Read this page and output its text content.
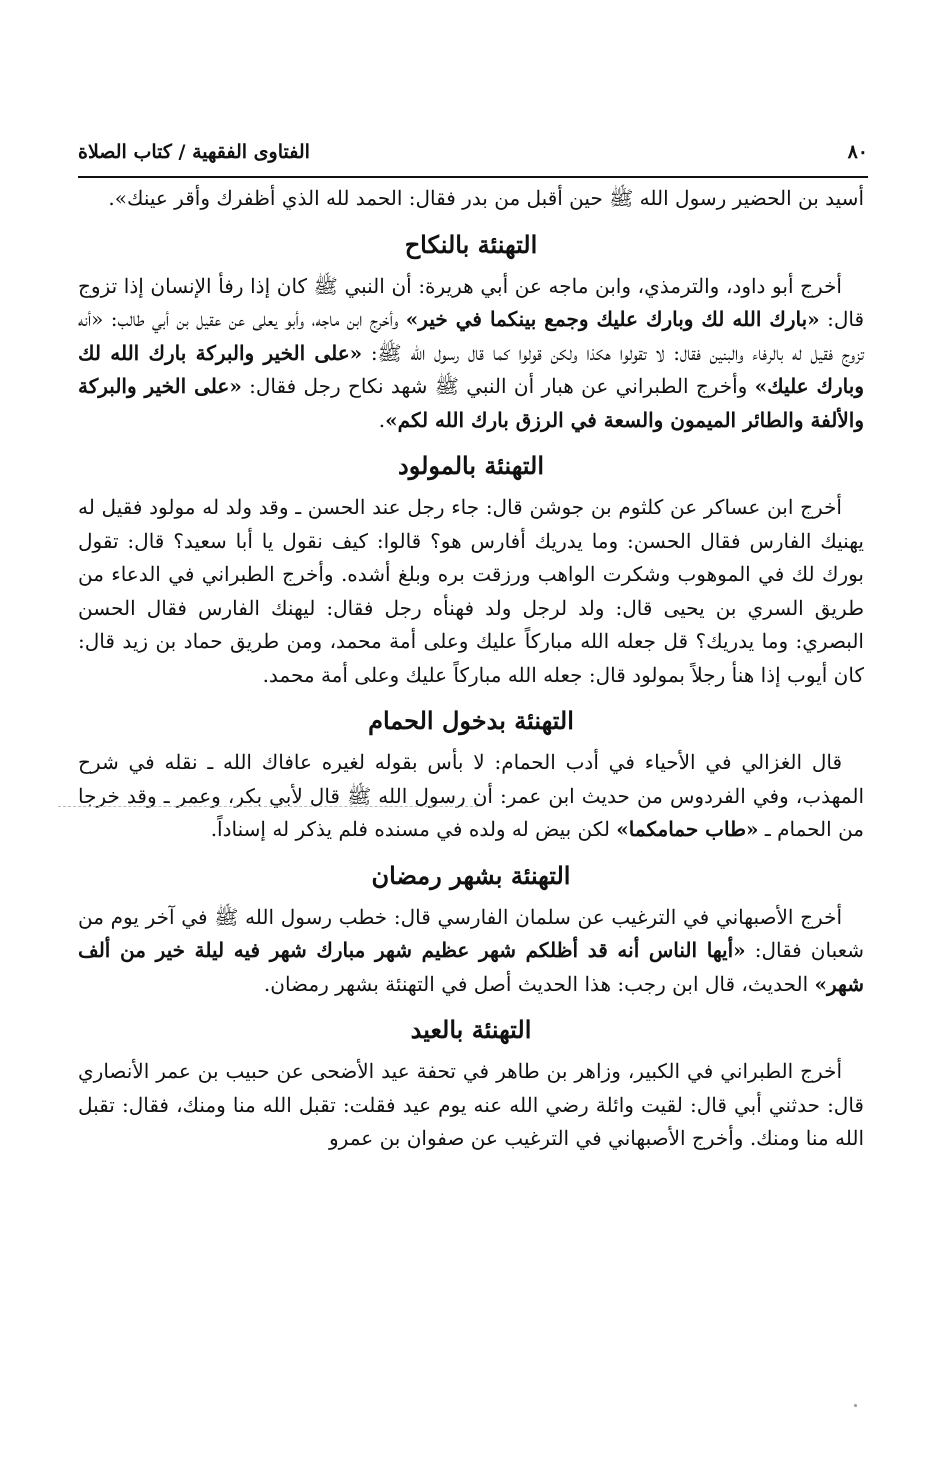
٨٠
الفتاوى الفقهية / كتاب الصلاة

أسيد بن الحضير رسول الله ﷺ حين أقبل من بدر فقال: الحمد لله الذي أظفرك وأقر عينك».

التهنئة بالنكاح

أخرج أبو داود، والترمذي، وابن ماجه عن أبي هريرة: أن النبي ﷺ كان إذا رفأ الإنسان إذا تزوج قال: «بارك الله لك وبارك عليك وجمع بينكما في خير» وأخرج ابن ماجه، وأبو يعلى عن عقيل بن أبي طالب: «أنه تزوج فقيل له بالرفاء والبنين فقال: لا تقولوا هكذا ولكن قولوا كما قال رسول الله ﷺ: «على الخير والبركة بارك الله لك وبارك عليك» وأخرج الطبراني عن هبار أن النبي ﷺ شهد نكاح رجل فقال: «على الخير والبركة والألفة والطائر الميمون والسعة في الرزق بارك الله لكم».

التهنئة بالمولود

أخرج ابن عساكر عن كلثوم بن جوشن قال: جاء رجل عند الحسن ـ وقد ولد له مولود فقيل له يهنيك الفارس فقال الحسن: وما يدريك أفارس هو؟ قالوا: كيف نقول يا أبا سعيد؟ قال: تقول بورك لك في الموهوب وشكرت الواهب ورزقت بره وبلغ أشده. وأخرج الطبراني في الدعاء من طريق السري بن يحيى قال: ولد لرجل ولد فهنأه رجل فقال: ليهنك الفارس فقال الحسن البصري: وما يدريك؟ قل جعله الله مباركاً عليك وعلى أمة محمد، ومن طريق حماد بن زيد قال: كان أيوب إذا هنأ رجلاً بمولود قال: جعله الله مباركاً عليك وعلى أمة محمد.

التهنئة بدخول الحمام

قال الغزالي في الأحياء في أدب الحمام: لا بأس بقوله لغيره عافاك الله ـ نقله في شرح المهذب، وفي الفردوس من حديث ابن عمر: أن رسول الله ﷺ قال لأبي بكر، وعمر ـ وقد خرجا من الحمام ـ «طاب حمامكما» لكن بيض له ولده في مسنده فلم يذكر له إسناداً.

التهنئة بشهر رمضان

أخرج الأصبهاني في الترغيب عن سلمان الفارسي قال: خطب رسول الله ﷺ في آخر يوم من شعبان فقال: «أيها الناس أنه قد أظلكم شهر عظيم شهر مبارك شهر فيه ليلة خير من ألف شهر» الحديث، قال ابن رجب: هذا الحديث أصل في التهنئة بشهر رمضان.

التهنئة بالعيد

أخرج الطبراني في الكبير، وزاهر بن طاهر في تحفة عيد الأضحى عن حبيب بن عمر الأنصاري قال: حدثني أبي قال: لقيت وائلة رضي الله عنه يوم عيد فقلت: تقبل الله منا ومنك، فقال: تقبل الله منا ومنك. وأخرج الأصبهاني في الترغيب عن صفوان بن عمرو
